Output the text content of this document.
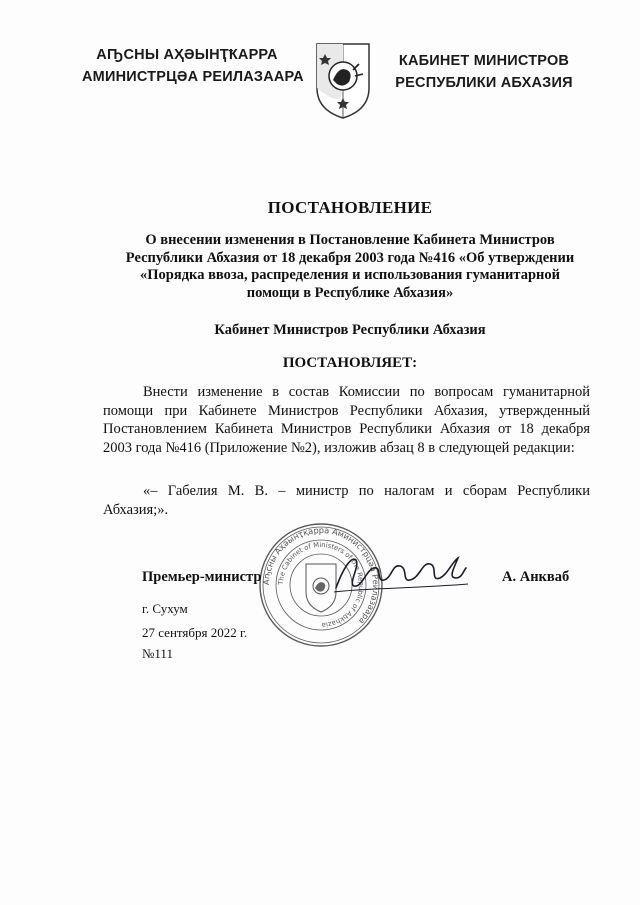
АҦСНЫ АҲӘЫНҬҞАРРА
АМИНИСТРЦӘА РЕИЛАЗААРА
КАБИНЕТ МИНИСТРОВ
РЕСПУБЛИКИ АБХАЗИЯ
ПОСТАНОВЛЕНИЕ
О внесении изменения в Постановление Кабинета Министров
Республики Абхазия от 18 декабря 2003 года №416 «Об утверждении
«Порядка ввоза, распределения и использования гуманитарной
помощи в Республике Абхазия»
Кабинет Министров Республики Абхазия
ПОСТАНОВЛЯЕТ:
Внести изменение в состав Комиссии по вопросам гуманитарной помощи при Кабинете Министров Республики Абхазия, утвержденный Постановлением Кабинета Министров Республики Абхазия от 18 декабря 2003 года №416 (Приложение №2), изложив абзац 8 в следующей редакции:
«– Габелия М. В. – министр по налогам и сборам Республики Абхазия;».
Аҧсны Аҳәынҭқарра Аминистрцәа Реилазаара
The Cabinet of Ministers of the Republic of Abkhazia
Премьер-министр	А. Анкваб
г. Сухум
27 сентября 2022 г.
№111
